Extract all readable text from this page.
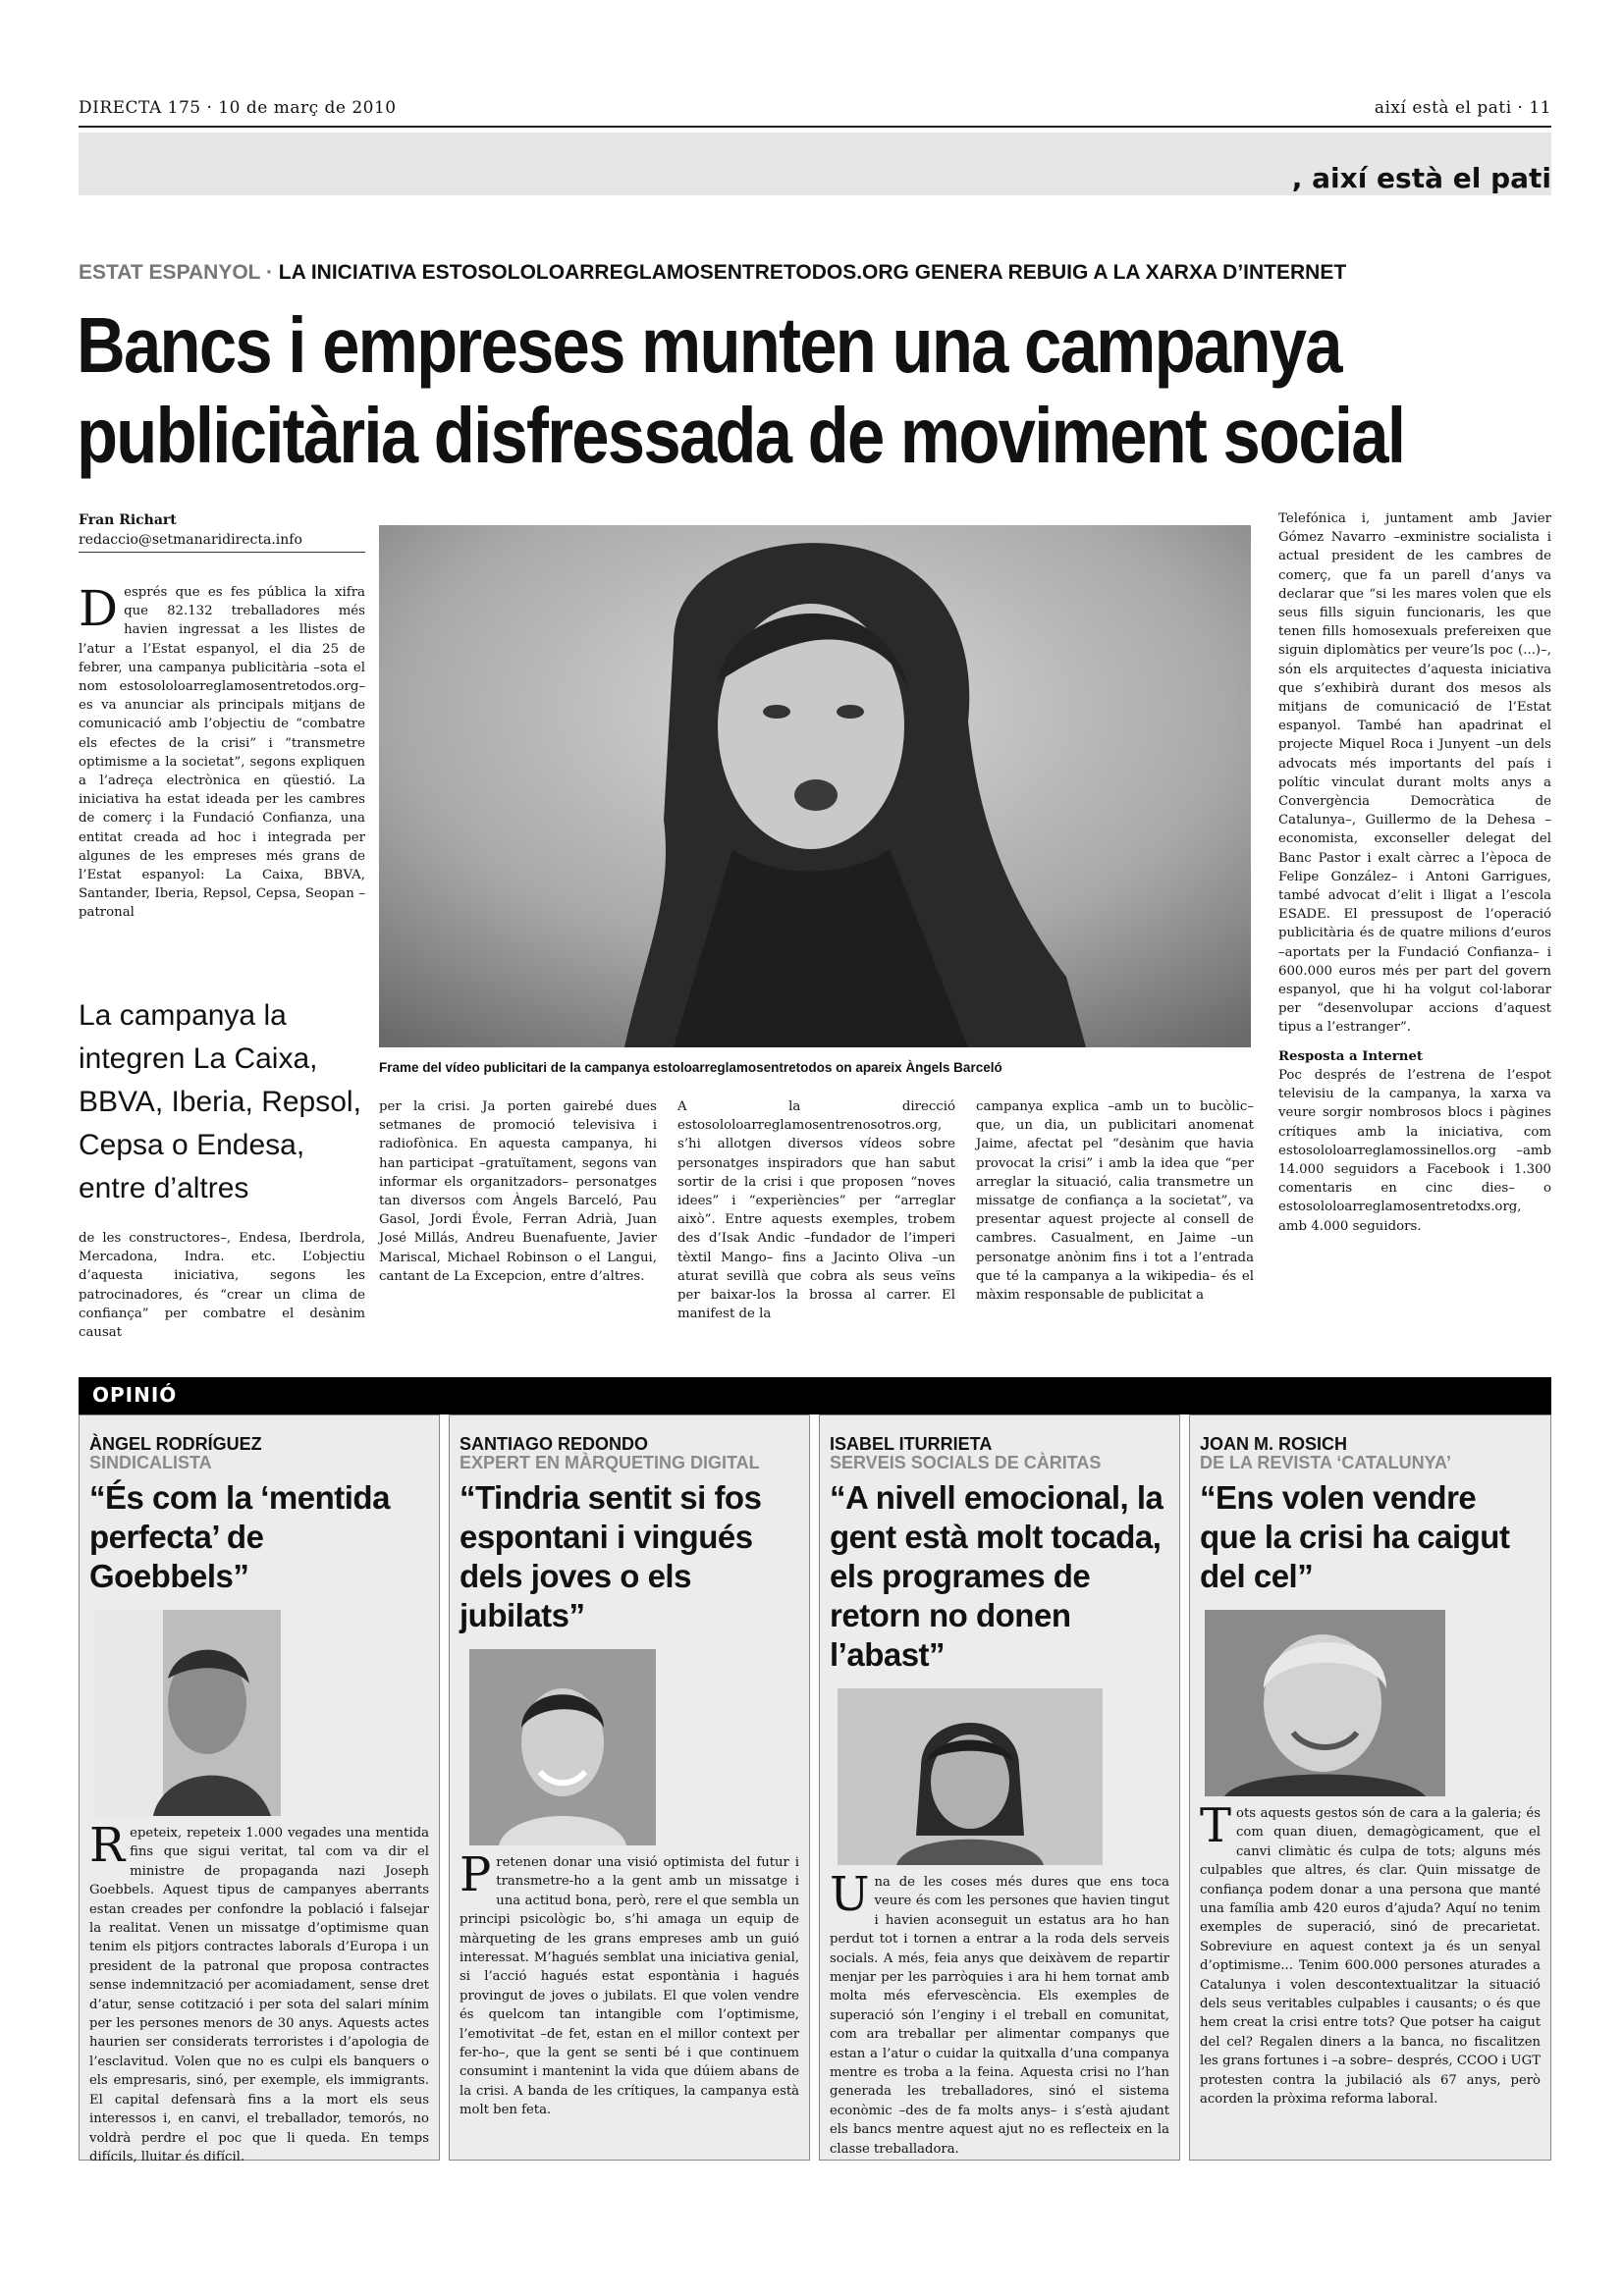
DIRECTA 175 · 10 de març de 2010	així està el pati · 11
, així està el pati
ESTAT ESPANYOL · LA INICIATIVA ESTOSOLOLOARREGLAMOSENTRETODOS.ORG GENERA REBUIG A LA XARXA D’INTERNET
Bancs i empreses munten una campanya
publicitària disfressada de moviment social
Fran Richart
redaccio@setmanaridirecta.info
Després que es fes pública la xifra que 82.132 treballadores més havien ingressat a les llistes de l’atur a l’Estat espanyol, el dia 25 de febrer, una campanya publicitària –sota el nom estosololoarreglamosentretodos.org– es va anunciar als principals mitjans de comunicació amb l’objectiu de “combatre els efectes de la crisi” i “transmetre optimisme a la societat”, segons expliquen a l’adreça electrònica en qüestió. La iniciativa ha estat ideada per les cambres de comerç i la Fundació Confianza, una entitat creada ad hoc i integrada per algunes de les empreses més grans de l’Estat espanyol: La Caixa, BBVA, Santander, Iberia, Repsol, Cepsa, Seopan –patronal
La campanya la integren La Caixa, BBVA, Iberia, Repsol, Cepsa o Endesa, entre d’altres
de les constructores–, Endesa, Iberdrola, Mercadona, Indra. etc. L’objectiu d’aquesta iniciativa, segons les patrocinadores, és “crear un clima de confiança” per combatre el desànim causat
Frame del vídeo publicitari de la campanya estoloarreglamosentretodos on apareix Àngels Barceló
per la crisi. Ja porten gairebé dues setmanes de promoció televisiva i radiofònica. En aquesta campanya, hi han participat –gratuïtament, segons van informar els organitzadors– personatges tan diversos com Àngels Barceló, Pau Gasol, Jordi Évole, Ferran Adrià, Juan José Millás, Andreu Buenafuente, Javier Mariscal, Michael Robinson o el Langui, cantant de La Excepcion, entre d’altres.
A la direcció estosololoarreglamosentrenosotros.org, s’hi allotgen diversos vídeos sobre personatges inspiradors que han sabut sortir de la crisi i que proposen “noves idees” i “experiències” per “arreglar això”. Entre aquests exemples, trobem des d’Isak Andic –fundador de l’imperi tèxtil Mango– fins a Jacinto Oliva –un aturat sevillà que cobra als seus veïns per baixar-los la brossa al carrer. El manifest de la
campanya explica –amb un to bucòlic– que, un dia, un publicitari anomenat Jaime, afectat pel “desànim que havia provocat la crisi” i amb la idea que “per arreglar la situació, calia transmetre un missatge de confiança a la societat”, va presentar aquest projecte al consell de cambres. Casualment, en Jaime –un personatge anònim fins i tot a l’entrada que té la campanya a la wikipedia– és el màxim responsable de publicitat a

Telefónica i, juntament amb Javier Gómez Navarro –exministre socialista i actual president de les cambres de comerç, que fa un parell d’anys va declarar que “si les mares volen que els seus fills siguin funcionaris, les que tenen fills homosexuals prefereixen que siguin diplomàtics per veure’ls poc (...)–, són els arquitectes d’aquesta iniciativa que s’exhibirà durant dos mesos als mitjans de comunicació de l’Estat espanyol. També han apadrinat el projecte Miquel Roca i Junyent –un dels advocats més importants del país i polític vinculat durant molts anys a Convergència Democràtica de Catalunya–, Guillermo de la Dehesa –economista, exconseller delegat del Banc Pastor i exalt càrrec a l’època de Felipe González– i Antoni Garrigues, també advocat d’elit i lligat a l’escola ESADE. El pressupost de l’operació publicitària és de quatre milions d’euros –aportats per la Fundació Confianza– i 600.000 euros més per part del govern espanyol, que hi ha volgut col·laborar per “desenvolupar accions d’aquest tipus a l’estranger”.

Resposta a Internet

Poc després de l’estrena de l’espot televisiu de la campanya, la xarxa va veure sorgir nombrosos blocs i pàgines crítiques amb la iniciativa, com estosololoarreglamossinellos.org –amb 14.000 seguidors a Facebook i 1.300 comentaris en cinc dies– o estosololoarreglamosentretodxs.org, amb 4.000 seguidors.

OPINIÓ
ÀNGEL RODRÍGUEZ
SINDICALISTA
“És com la ‘mentida perfecta’ de Goebbels”
Repeteix, repeteix 1.000 vegades una mentida fins que sigui veritat, tal com va dir el ministre de propaganda nazi Joseph Goebbels. Aquest tipus de campanyes aberrants estan creades per confondre la població i falsejar la realitat. Venen un missatge d’optimisme quan tenim els pitjors contractes laborals d’Europa i un president de la patronal que proposa contractes sense indemnització per acomiadament, sense dret d’atur, sense cotització i per sota del salari mínim per les persones menors de 30 anys. Aquests actes haurien ser considerats terroristes i d’apologia de l’esclavitud. Volen que no es culpi els banquers o els empresaris, sinó, per exemple, els immigrants. El capital defensarà fins a la mort els seus interessos i, en canvi, el treballador, temorós, no voldrà perdre el poc que li queda. En temps difícils, lluitar és difícil.
SANTIAGO REDONDO
EXPERT EN MÀRQUETING DIGITAL
“Tindria sentit si fos espontani i vingués dels joves o els jubilats”
Pretenen donar una visió optimista del futur i transmetre-ho a la gent amb un missatge i una actitud bona, però, rere el que sembla un principi psicològic bo, s’hi amaga un equip de màrqueting de les grans empreses amb un guió interessat. M’hagués semblat una iniciativa genial, si l’acció hagués estat espontània i hagués provingut de joves o jubilats. El que volen vendre és quelcom tan intangible com l’optimisme, l’emotivitat –de fet, estan en el millor context per fer-ho–, que la gent se senti bé i que continuem consumint i mantenint la vida que dúiem abans de la crisi. A banda de les crítiques, la campanya està molt ben feta.
ISABEL ITURRIETA
SERVEIS SOCIALS DE CÀRITAS
“A nivell emocional, la gent està molt tocada, els programes de retorn no donen l’abast”
Una de les coses més dures que ens toca veure és com les persones que havien tingut i havien aconseguit un estatus ara ho han perdut tot i tornen a entrar a la roda dels serveis socials. A més, feia anys que deixàvem de repartir menjar per les parròquies i ara hi hem tornat amb molta més efervescència. Els exemples de superació són l’enginy i el treball en comunitat, com ara treballar per alimentar companys que estan a l’atur o cuidar la quitxalla d’una companya mentre es troba a la feina. Aquesta crisi no l’han generada les treballadores, sinó el sistema econòmic –des de fa molts anys– i s’està ajudant els bancs mentre aquest ajut no es reflecteix en la classe treballadora.
JOAN M. ROSICH
DE LA REVISTA ‘CATALUNYA’
“Ens volen vendre que la crisi ha caigut del cel”
Tots aquests gestos són de cara a la galeria; és com quan diuen, demagògicament, que el canvi climàtic és culpa de tots; alguns més culpables que altres, és clar. Quin missatge de confiança podem donar a una persona que manté una família amb 420 euros d’ajuda? Aquí no tenim exemples de superació, sinó de precarietat. Sobreviure en aquest context ja és un senyal d’optimisme... Tenim 600.000 persones aturades a Catalunya i volen descontextualitzar la situació dels seus veritables culpables i causants; o és que hem creat la crisi entre tots? Que potser ha caigut del cel? Regalen diners a la banca, no fiscalitzen les grans fortunes i –a sobre– després, CCOO i UGT protesten contra la jubilació als 67 anys, però acorden la pròxima reforma laboral.
